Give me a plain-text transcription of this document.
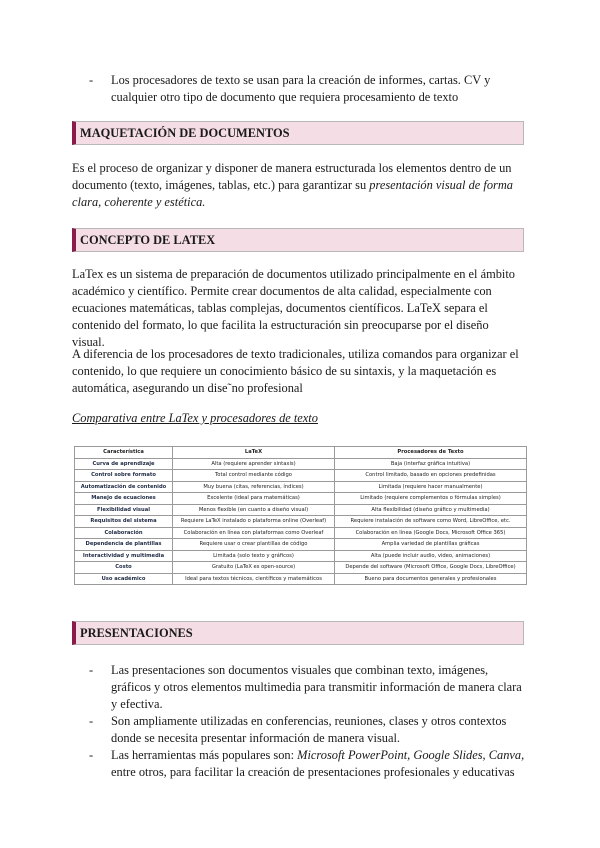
- Los procesadores de texto se usan para la creación de informes, cartas. CV y cualquier otro tipo de documento que requiera procesamiento de texto
MAQUETACIÓN DE DOCUMENTOS

Es el proceso de organizar y disponer de manera estructurada los elementos dentro de un documento (texto, imágenes, tablas, etc.) para garantizar su presentación visual de forma clara, coherente y estética.

CONCEPTO DE LATEX

LaTex es un sistema de preparación de documentos utilizado principalmente en el ámbito académico y científico. Permite crear documentos de alta calidad, especialmente con ecuaciones matemáticas, tablas complejas, documentos científicos. LaTeX separa el contenido del formato, lo que facilita la estructuración sin preocuparse por el diseño visual.

A diferencia de los procesadores de texto tradicionales, utiliza comandos para organizar el contenido, lo que requiere un conocimiento básico de su sintaxis, y la maquetación es automática, asegurando un dise˜no profesional

Comparativa entre LaTex y procesadores de texto
Característica	LaTeX	Procesadores de Texto
Curva de aprendizaje	Alta (requiere aprender sintaxis)	Baja (interfaz gráfica intuitiva)
Control sobre formato	Total control mediante código	Control limitado, basado en opciones predefinidas
Automatización de contenido	Muy buena (citas, referencias, índices)	Limitada (requiere hacer manualmente)
Manejo de ecuaciones	Excelente (ideal para matemáticas)	Limitado (requiere complementos o fórmulas simples)
Flexibilidad visual	Menos flexible (en cuanto a diseño visual)	Alta flexibilidad (diseño gráfico y multimedia)
Requisitos del sistema	Requiere LaTeX instalado o plataforma online (Overleaf)	Requiere instalación de software como Word, LibreOffice, etc.
Colaboración	Colaboración en línea con plataformas como Overleaf	Colaboración en línea (Google Docs, Microsoft Office 365)
Dependencia de plantillas	Requiere usar o crear plantillas de código	Amplia variedad de plantillas gráficas
Interactividad y multimedia	Limitada (solo texto y gráficos)	Alta (puede incluir audio, video, animaciones)
Costo	Gratuito (LaTeX es open-source)	Depende del software (Microsoft Office, Google Docs, LibreOffice)
Uso académico	Ideal para textos técnicos, científicos y matemáticos	Bueno para documentos generales y profesionales
PRESENTACIONES
- Las presentaciones son documentos visuales que combinan texto, imágenes, gráficos y otros elementos multimedia para transmitir información de manera clara y efectiva.
- Son ampliamente utilizadas en conferencias, reuniones, clases y otros contextos donde se necesita presentar información de manera visual.
- Las herramientas más populares son: Microsoft PowerPoint, Google Slides, Canva, entre otros, para facilitar la creación de presentaciones profesionales y educativas
